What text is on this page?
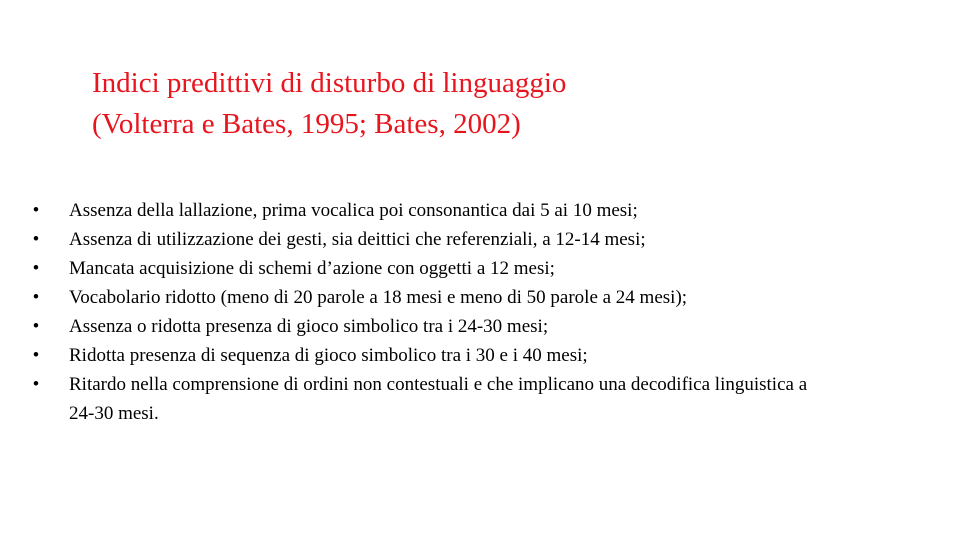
Indici predittivi di disturbo di linguaggio
(Volterra e Bates, 1995; Bates, 2002)
• Assenza della lallazione, prima vocalica poi consonantica dai 5 ai 10 mesi;
• Assenza di utilizzazione dei gesti, sia deittici che referenziali, a 12-14 mesi;
• Mancata acquisizione di schemi d’azione con oggetti a 12 mesi;
• Vocabolario ridotto (meno di 20 parole a 18 mesi e meno di 50 parole a 24 mesi);
• Assenza o ridotta presenza di gioco simbolico tra i 24-30 mesi;
• Ridotta presenza di sequenza di gioco simbolico tra i 30 e i 40 mesi;
• Ritardo nella comprensione di ordini non contestuali e che implicano una decodifica linguistica a 24-30 mesi.
